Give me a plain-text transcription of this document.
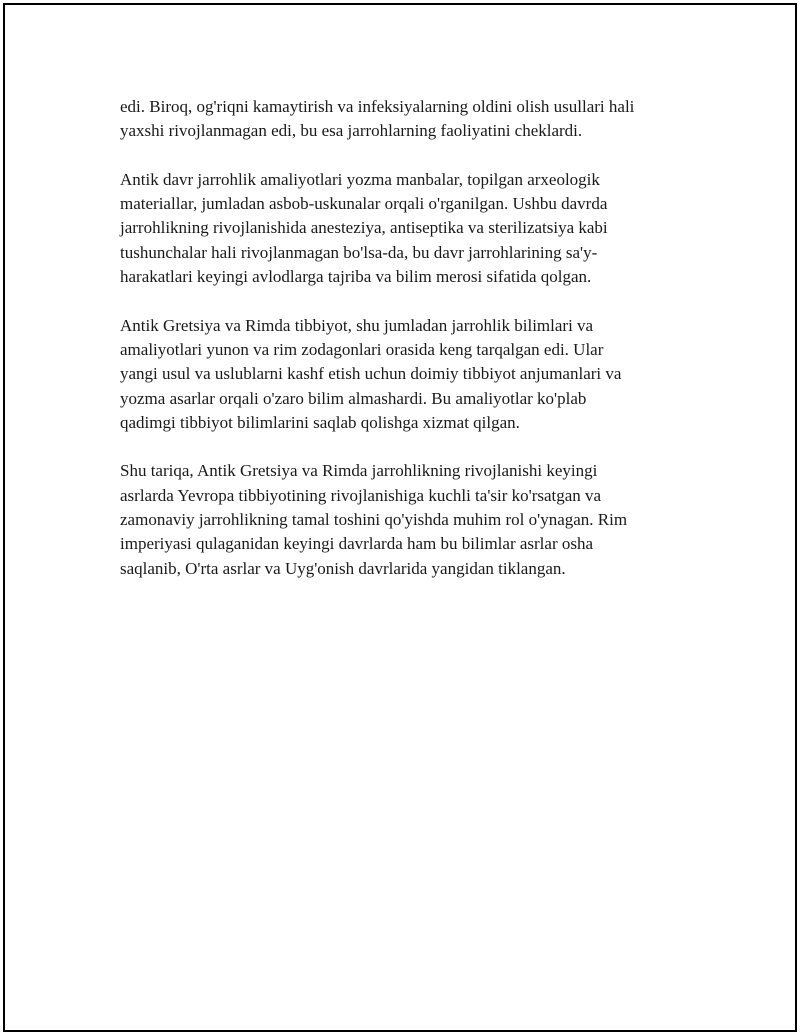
edi. Biroq, og'riqni kamaytirish va infeksiyalarning oldini olish usullari hali
yaxshi rivojlanmagan edi, bu esa jarrohlarning faoliyatini cheklardi.

Antik davr jarrohlik amaliyotlari yozma manbalar, topilgan arxeologik
materiallar, jumladan asbob-uskunalar orqali o'rganilgan. Ushbu davrda
jarrohlikning rivojlanishida anesteziya, antiseptika va sterilizatsiya kabi
tushunchalar hali rivojlanmagan bo'lsa-da, bu davr jarrohlarining sa'y-
harakatlari keyingi avlodlarga tajriba va bilim merosi sifatida qolgan.

Antik Gretsiya va Rimda tibbiyot, shu jumladan jarrohlik bilimlari va
amaliyotlari yunon va rim zodagonlari orasida keng tarqalgan edi. Ular
yangi usul va uslublarni kashf etish uchun doimiy tibbiyot anjumanlari va
yozma asarlar orqali o'zaro bilim almashardi. Bu amaliyotlar ko'plab
qadimgi tibbiyot bilimlarini saqlab qolishga xizmat qilgan.

Shu tariqa, Antik Gretsiya va Rimda jarrohlikning rivojlanishi keyingi
asrlarda Yevropa tibbiyotining rivojlanishiga kuchli ta'sir ko'rsatgan va
zamonaviy jarrohlikning tamal toshini qo'yishda muhim rol o'ynagan. Rim
imperiyasi qulaganidan keyingi davrlarda ham bu bilimlar asrlar osha
saqlanib, O'rta asrlar va Uyg'onish davrlarida yangidan tiklangan.
